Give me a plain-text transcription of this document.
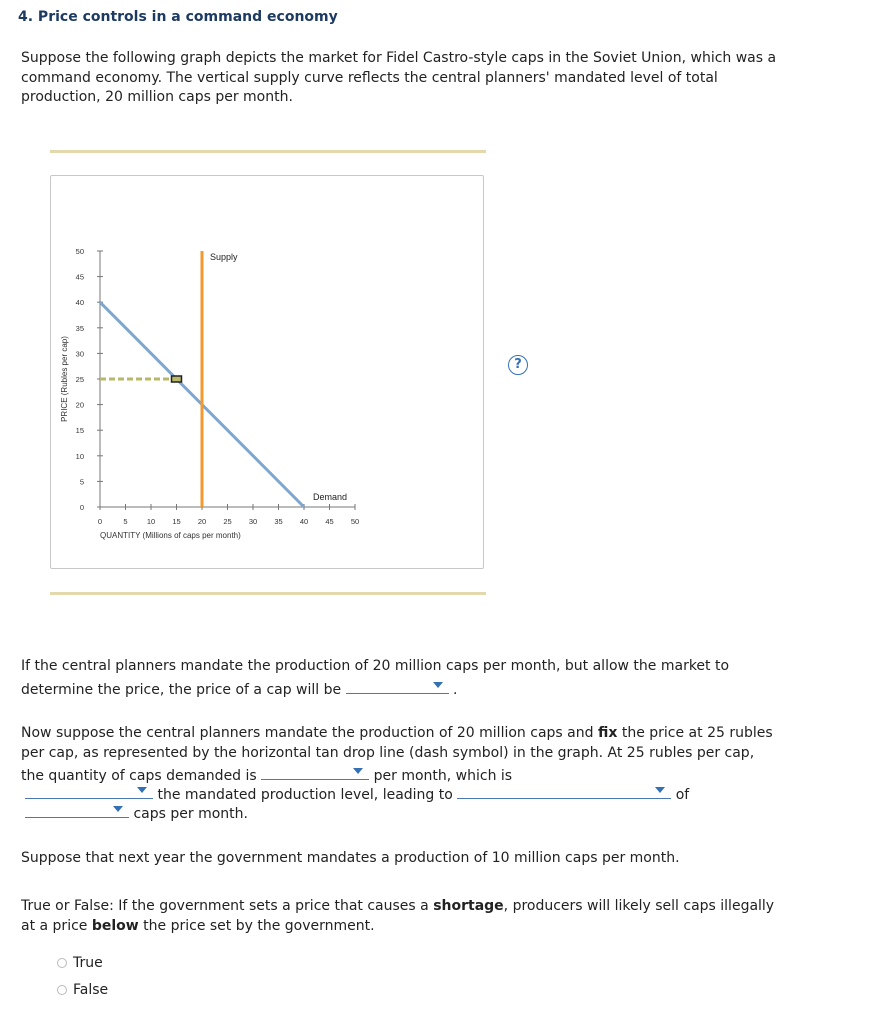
4. Price controls in a command economy

Suppose the following graph depicts the market for Fidel Castro-style caps in the Soviet Union, which was a command economy. The vertical supply curve reflects the central planners' mandated level of total production, 20 million caps per month.

?
0	5	10 15 20 25 30 35 40 45 50
0
5
10
15
20
25
30
35
40
45
50
QUANTITY (Millions of caps per month)
PRICE (Rubles per cap)
Supply
Demand
If the central planners mandate the production of 20 million caps per month, but allow the market to determine the price, the price of a cap will be	.
Now suppose the central planners mandate the production of 20 million caps and fix the price at 25 rubles per cap, as represented by the horizontal tan drop line (dash symbol) in the graph. At 25 rubles per cap, the quantity of caps demanded is	per month, which is
the mandated production level, leading to	of
caps per month.

Suppose that next year the government mandates a production of 10 million caps per month.

True or False: If the government sets a price that causes a shortage, producers will likely sell caps illegally at a price below the price set by the government.
True
False
